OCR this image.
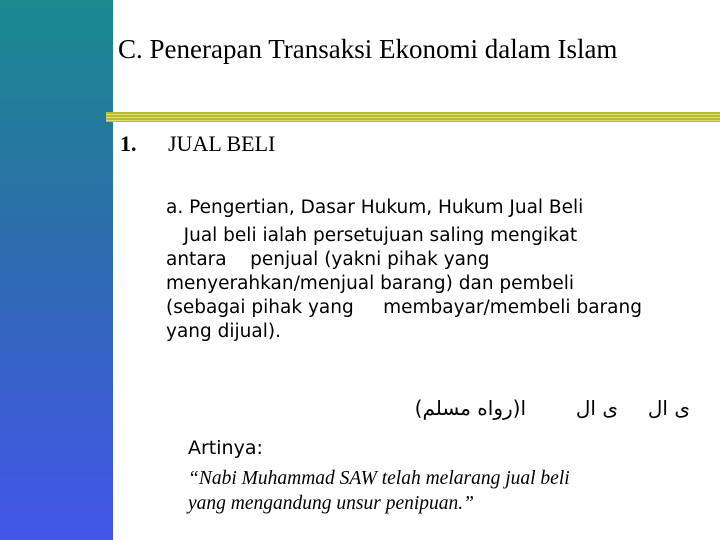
C. Penerapan Transaksi Ekonomi dalam Islam
1. JUAL BELI
a. Pengertian, Dasar Hukum, Hukum Jual Beli
Jual beli ialah persetujuan saling mengikat
antara    penjual (yakni pihak yang
menyerahkan/menjual barang) dan pembeli
(sebagai pihak yang     membayar/membeli barang
yang dijual).
ى ال
ى ال
ا(رواه مسلم)
Artinya:
“Nabi Muhammad SAW telah melarang jual beli
yang mengandung unsur penipuan.”
